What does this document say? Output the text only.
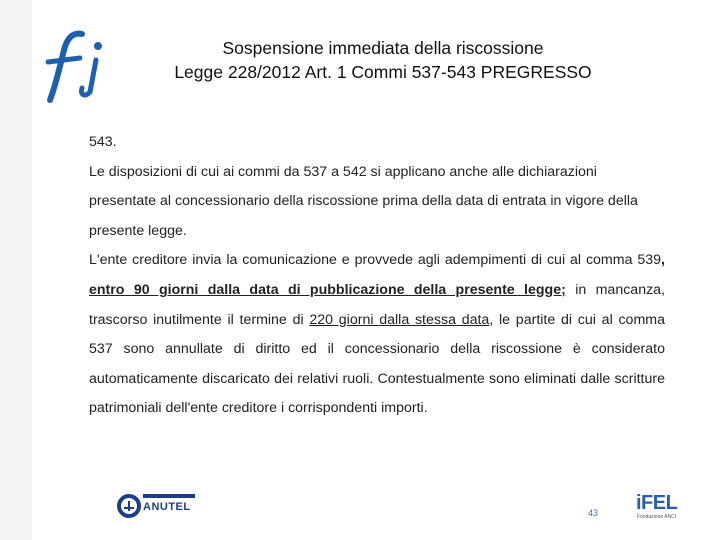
Sospensione immediata della riscossione
Legge 228/2012 Art. 1 Commi 537-543 PREGRESSO

543.

Le disposizioni di cui ai commi da 537 a 542 si applicano anche alle dichiarazioni presentate al concessionario della riscossione prima della data di entrata in vigore della presente legge.

L'ente creditore invia la comunicazione e provvede agli adempimenti di cui al comma 539, entro 90 giorni dalla data di pubblicazione della presente legge; in mancanza, trascorso inutilmente il termine di 220 giorni dalla stessa data, le partite di cui al comma 537 sono annullate di diritto ed il concessionario della riscossione è considerato automaticamente discaricato dei relativi ruoli. Contestualmente sono eliminati dalle scritture patrimoniali dell'ente creditore i corrispondenti importi.

ANUTEL	43 iFEL
Fondazione ANCI
